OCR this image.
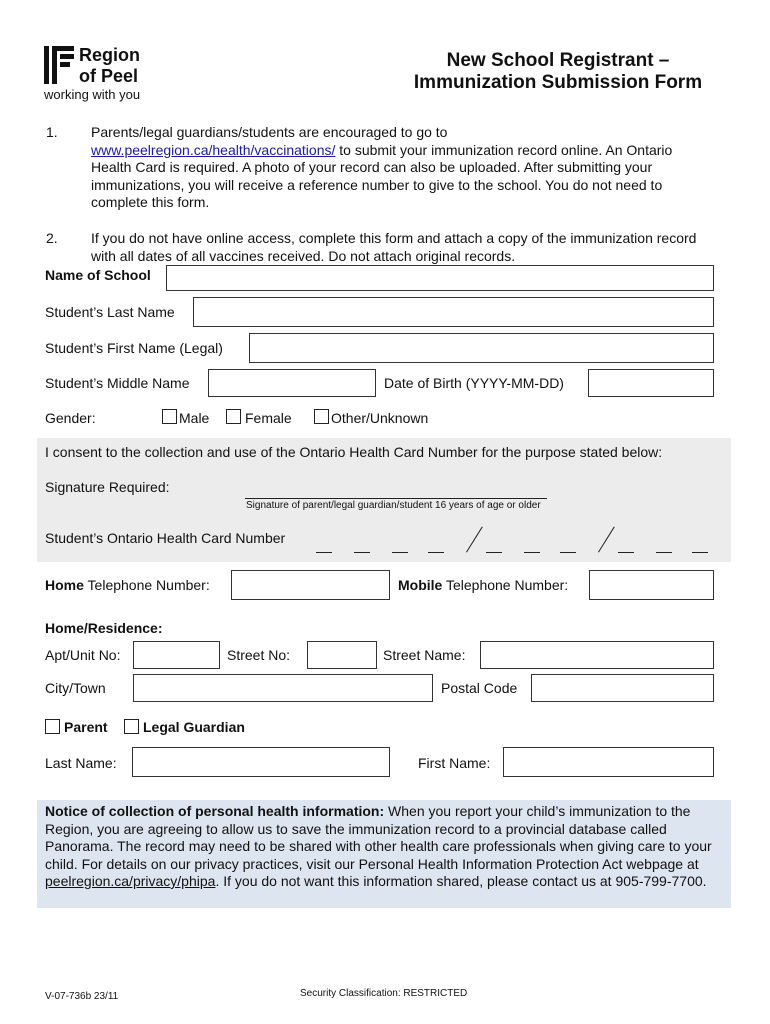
Region
of Peel
working with you
New School Registrant –
Immunization Submission Form
1. Parents/legal guardians/students are encouraged to go to
www.peelregion.ca/health/vaccinations/ to submit your immunization record online. An Ontario Health Card is required. A photo of your record can also be uploaded. After submitting your immunizations, you will receive a reference number to give to the school. You do not need to complete this form.
2. If you do not have online access, complete this form and attach a copy of the immunization record with all dates of all vaccines received. Do not attach original records.
Name of School
Student’s Last Name
Student’s First Name (Legal)
Student’s Middle Name	Date of Birth (YYYY-MM-DD)
Gender:	Male	Female	Other/Unknown
I consent to the collection and use of the Ontario Health Card Number for the purpose stated below:
Signature Required:
Signature of parent/legal guardian/student 16 years of age or older
Student’s Ontario Health Card Number
Home Telephone Number:	Mobile Telephone Number:
Home/Residence:
Apt/Unit No:	Street No:	Street Name:
City/Town	Postal Code
Parent	Legal Guardian
Last Name:	First Name:
Notice of collection of personal health information: When you report your child’s immunization to the Region, you are agreeing to allow us to save the immunization record to a provincial database called Panorama. The record may need to be shared with other health care professionals when giving care to your child. For details on our privacy practices, visit our Personal Health Information Protection Act webpage at peelregion.ca/privacy/phipa. If you do not want this information shared, please contact us at 905-799-7700.
V-07-736b 23/11	Security Classification: RESTRICTED
